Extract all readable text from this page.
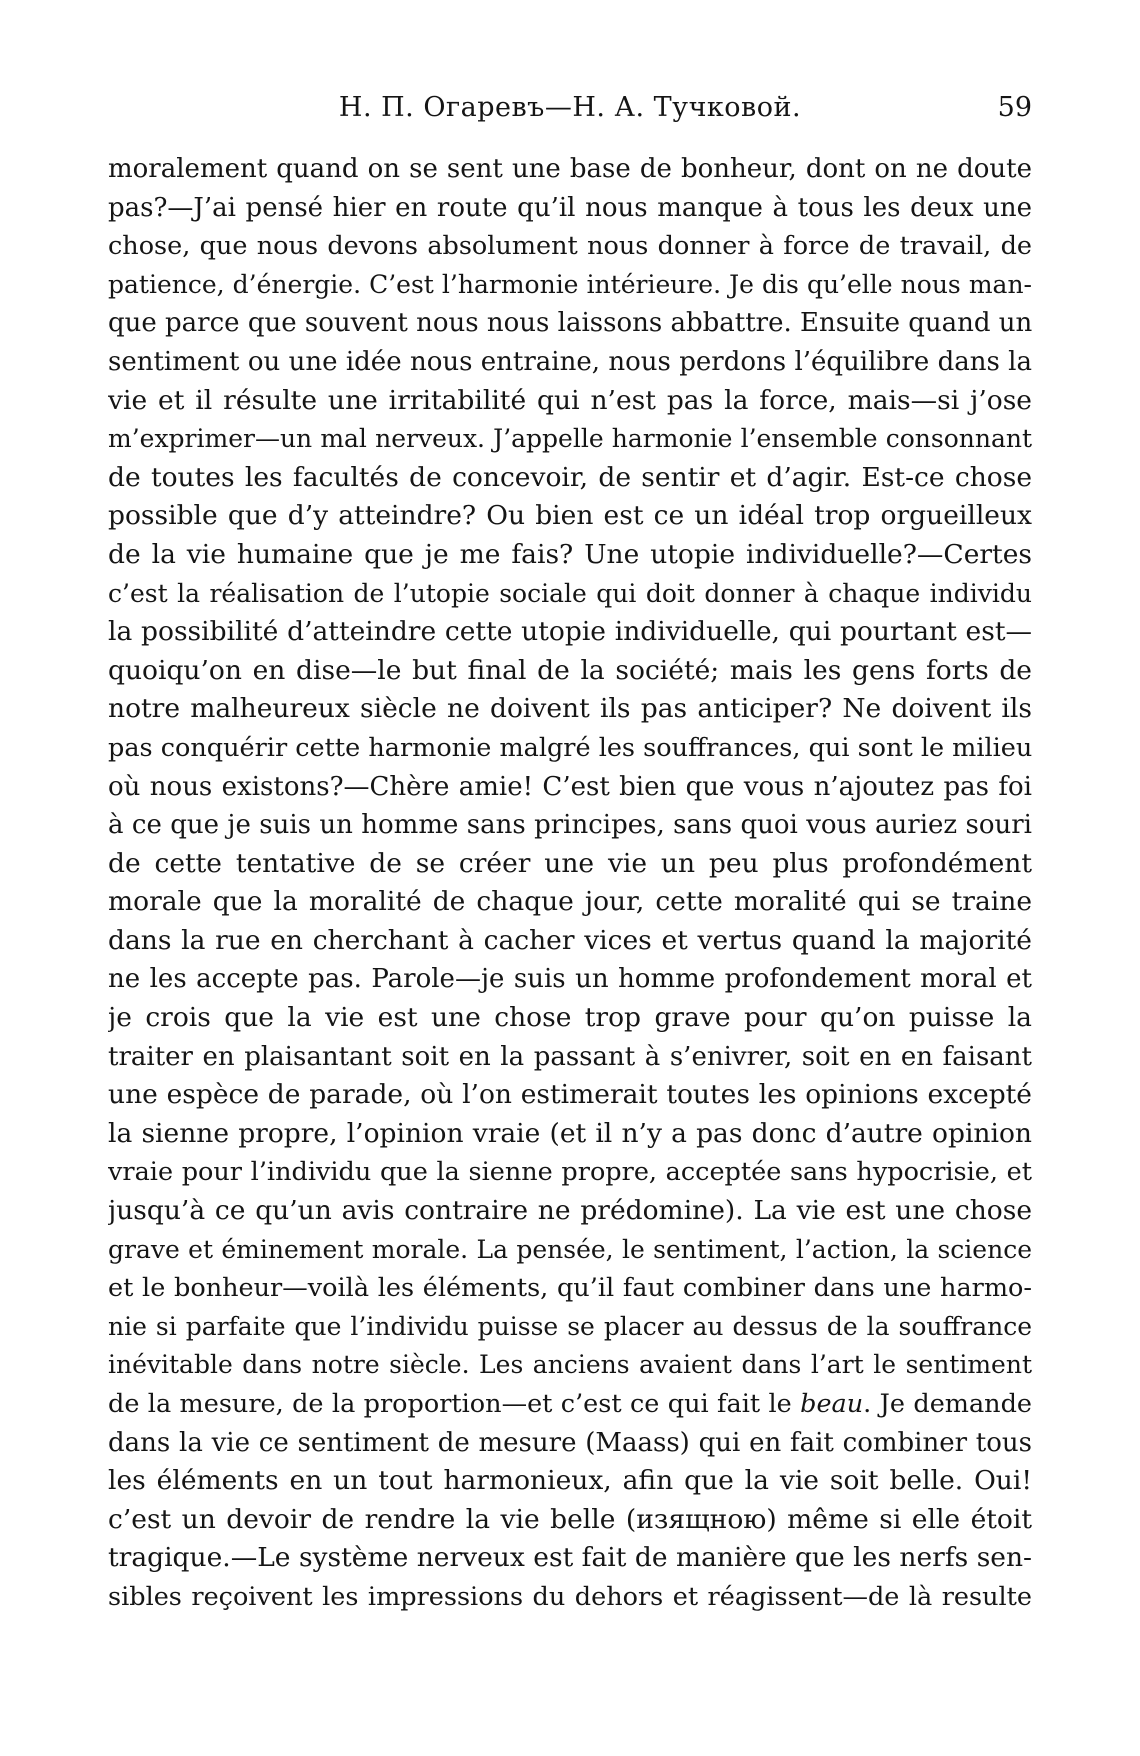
Н. П. Огаревъ—Н. А. Тучковой.	59
moralement quand on se sent une base de bonheur, dont on ne doute
pas?—J’ai pensé hier en route qu’il nous manque à tous les deux une
chose, que nous devons absolument nous donner à force de travail, de
patience, d’énergie. C’est l’harmonie intérieure. Je dis qu’elle nous man-
que parce que souvent nous nous laissons abbattre. Ensuite quand un
sentiment ou une idée nous entraine, nous perdons l’équilibre dans la
vie et il résulte une irritabilité qui n’est pas la force, mais—si j’ose
m’exprimer—un mal nerveux. J’appelle harmonie l’ensemble consonnant
de toutes les facultés de concevoir, de sentir et d’agir. Est-ce chose
possible que d’y atteindre? Ou bien est ce un idéal trop orgueilleux
de la vie humaine que je me fais? Une utopie individuelle?—Certes
c’est la réalisation de l’utopie sociale qui doit donner à chaque individu
la possibilité d’atteindre cette utopie individuelle, qui pourtant est—
quoiqu’on en dise—le but final de la société; mais les gens forts de
notre malheureux siècle ne doivent ils pas anticiper? Ne doivent ils
pas conquérir cette harmonie malgré les souffrances, qui sont le milieu
où nous existons?—Chère amie! C’est bien que vous n’ajoutez pas foi
à ce que je suis un homme sans principes, sans quoi vous auriez souri
de cette tentative de se créer une vie un peu plus profondément
morale que la moralité de chaque jour, cette moralité qui se traine
dans la rue en cherchant à cacher vices et vertus quand la majorité
ne les accepte pas. Parole—je suis un homme profondement moral et
je crois que la vie est une chose trop grave pour qu’on puisse la
traiter en plaisantant soit en la passant à s’enivrer, soit en en faisant
une espèce de parade, où l’on estimerait toutes les opinions excepté
la sienne propre, l’opinion vraie (et il n’y a pas donc d’autre opinion
vraie pour l’individu que la sienne propre, acceptée sans hypocrisie, et
jusqu’à ce qu’un avis contraire ne prédomine). La vie est une chose
grave et éminement morale. La pensée, le sentiment, l’action, la science
et le bonheur—voilà les éléments, qu’il faut combiner dans une harmo-
nie si parfaite que l’individu puisse se placer au dessus de la souffrance
inévitable dans notre siècle. Les anciens avaient dans l’art le sentiment
de la mesure, de la proportion—et c’est ce qui fait le beau. Je demande
dans la vie ce sentiment de mesure (Maass) qui en fait combiner tous
les éléments en un tout harmonieux, afin que la vie soit belle. Oui!
c’est un devoir de rendre la vie belle (изящною) même si elle étoit
tragique.—Le système nerveux est fait de manière que les nerfs sen-
sibles reçoivent les impressions du dehors et réagissent—de là resulte
